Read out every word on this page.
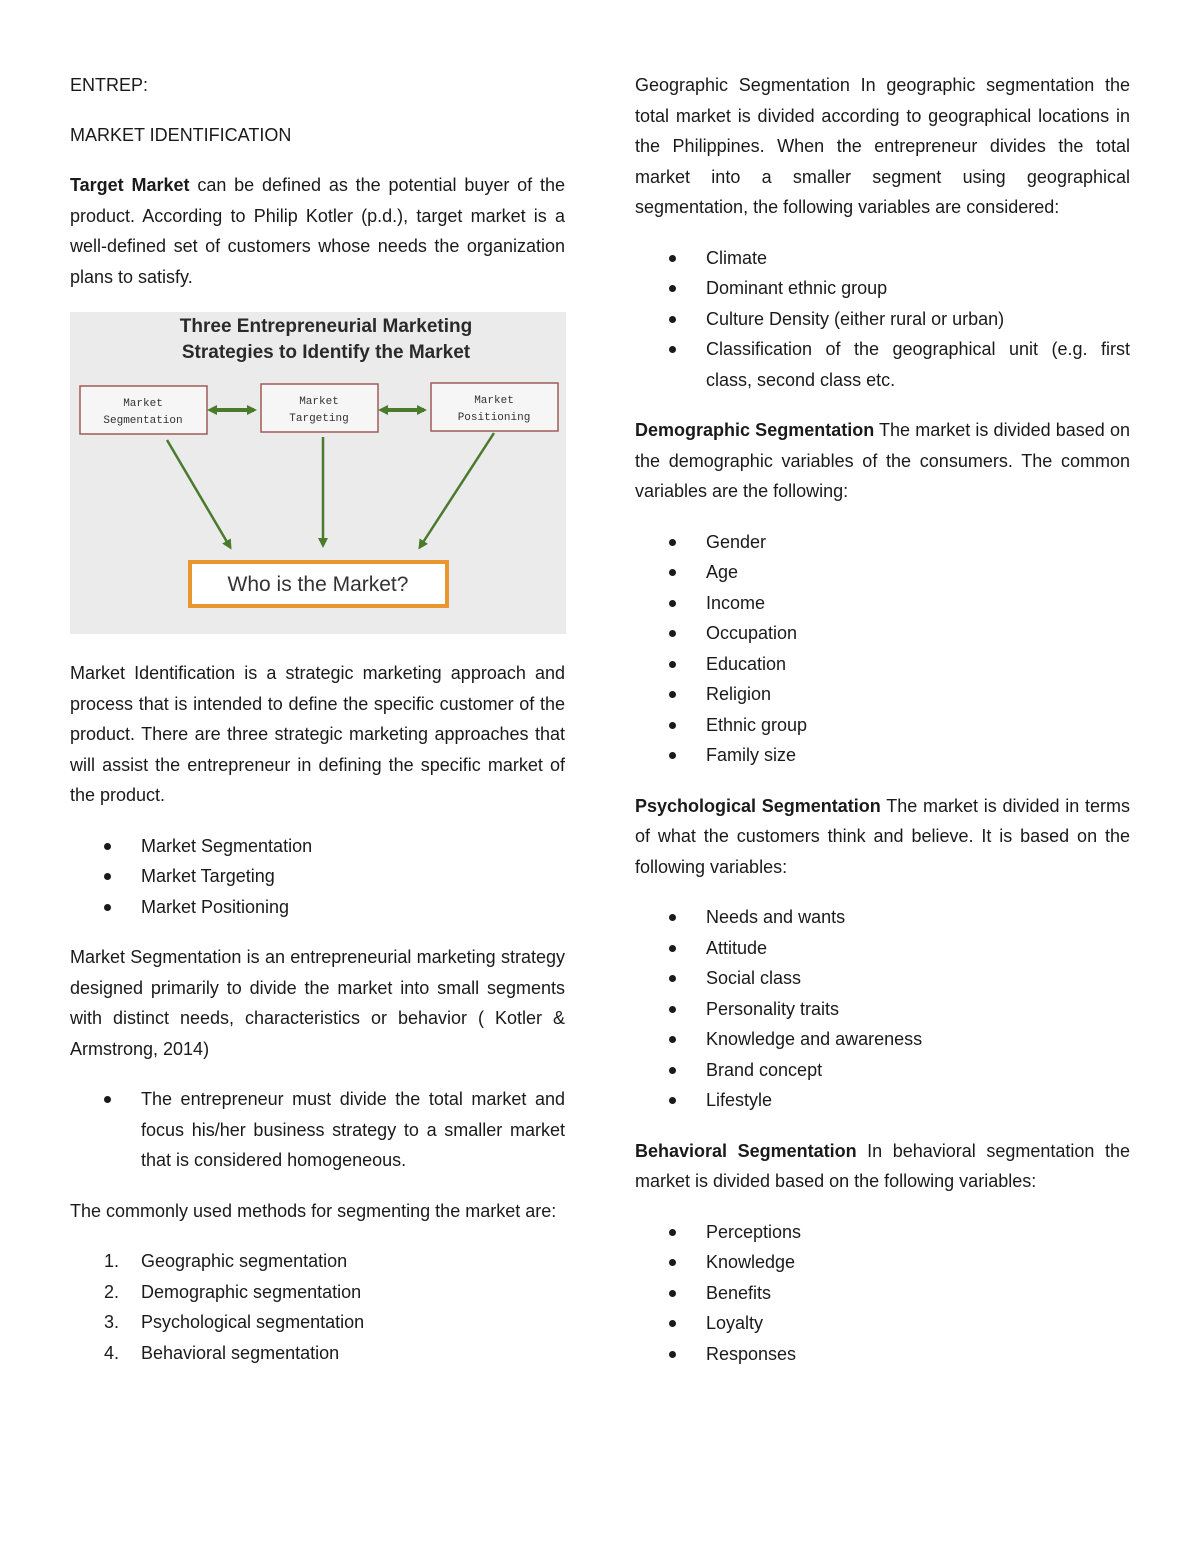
ENTREP:

MARKET IDENTIFICATION

Target Market can be defined as the potential buyer of the product. According to Philip Kotler (p.d.), target market is a well-defined set of customers whose needs the organization plans to satisfy.

Three Entrepreneurial Marketing
Strategies to Identify the Market
Market
Segmentation
Market
Targeting
Market
Positioning
Who is the Market?

Market Identification is a strategic marketing approach and process that is intended to define the specific customer of the product. There are three strategic marketing approaches that will assist the entrepreneur in defining the specific market of the product.

Market Segmentation
Market Targeting
Market Positioning

Market Segmentation is an entrepreneurial marketing strategy designed primarily to divide the market into small segments with distinct needs, characteristics or behavior ( Kotler & Armstrong, 2014)

The entrepreneur must divide the total market and focus his/her business strategy to a smaller market that is considered homogeneous.

The commonly used methods for segmenting the market are:

1. Geographic segmentation
2. Demographic segmentation
3. Psychological segmentation
4. Behavioral segmentation

Geographic Segmentation In geographic segmentation the total market is divided according to geographical locations in the Philippines. When the entrepreneur divides the total market into a smaller segment using geographical segmentation, the following variables are considered:

Climate
Dominant ethnic group
Culture Density (either rural or urban)
Classification of the geographical unit (e.g. first class, second class etc.

Demographic Segmentation The market is divided based on the demographic variables of the consumers. The common variables are the following:

Gender
Age
Income
Occupation
Education
Religion
Ethnic group
Family size

Psychological Segmentation The market is divided in terms of what the customers think and believe. It is based on the following variables:

Needs and wants
Attitude
Social class
Personality traits
Knowledge and awareness
Brand concept
Lifestyle

Behavioral Segmentation In behavioral segmentation the market is divided based on the following variables:

Perceptions
Knowledge
Benefits
Loyalty
Responses
